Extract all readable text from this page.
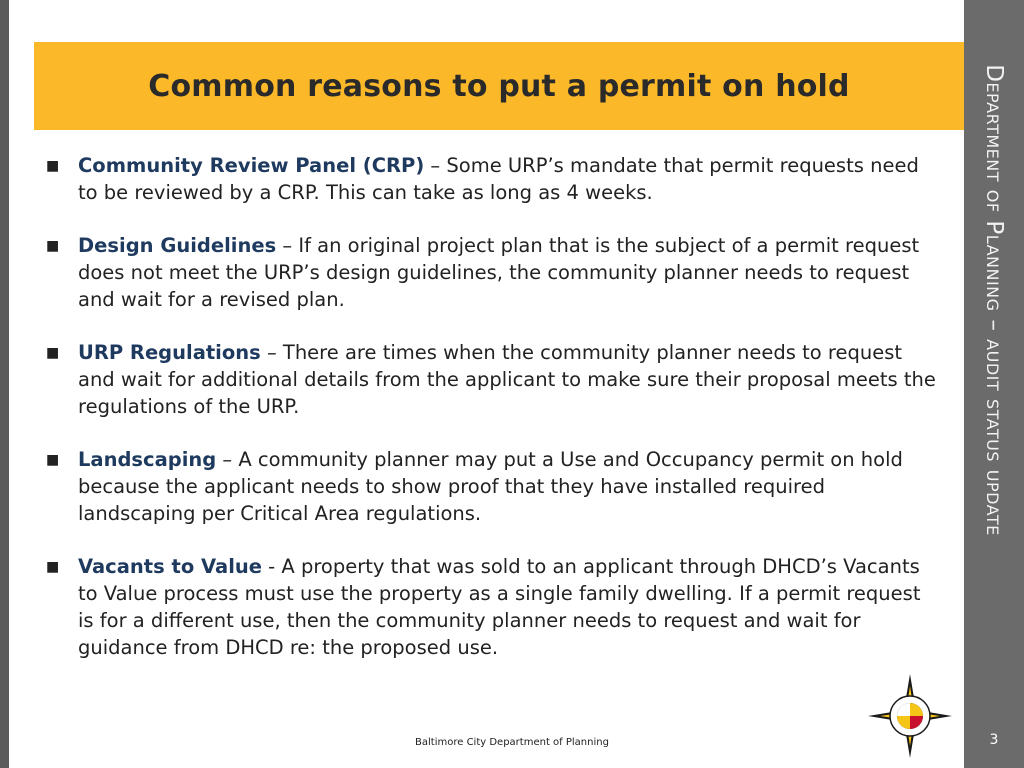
Common reasons to put a permit on hold
■ Community Review Panel (CRP) – Some URP’s mandate that permit requests need to be reviewed by a CRP. This can take as long as 4 weeks.
■ Design Guidelines – If an original project plan that is the subject of a permit request does not meet the URP’s design guidelines, the community planner needs to request and wait for a revised plan.
■ URP Regulations – There are times when the community planner needs to request and wait for additional details from the applicant to make sure their proposal meets the regulations of the URP.
■ Landscaping – A community planner may put a Use and Occupancy permit on hold because the applicant needs to show proof that they have installed required landscaping per Critical Area regulations.
■ Vacants to Value - A property that was sold to an applicant through DHCD’s Vacants to Value process must use the property as a single family dwelling. If a permit request is for a different use, then the community planner needs to request and wait for guidance from DHCD re: the proposed use.
Department of Planning – audit status update
3
Baltimore City Department of Planning
